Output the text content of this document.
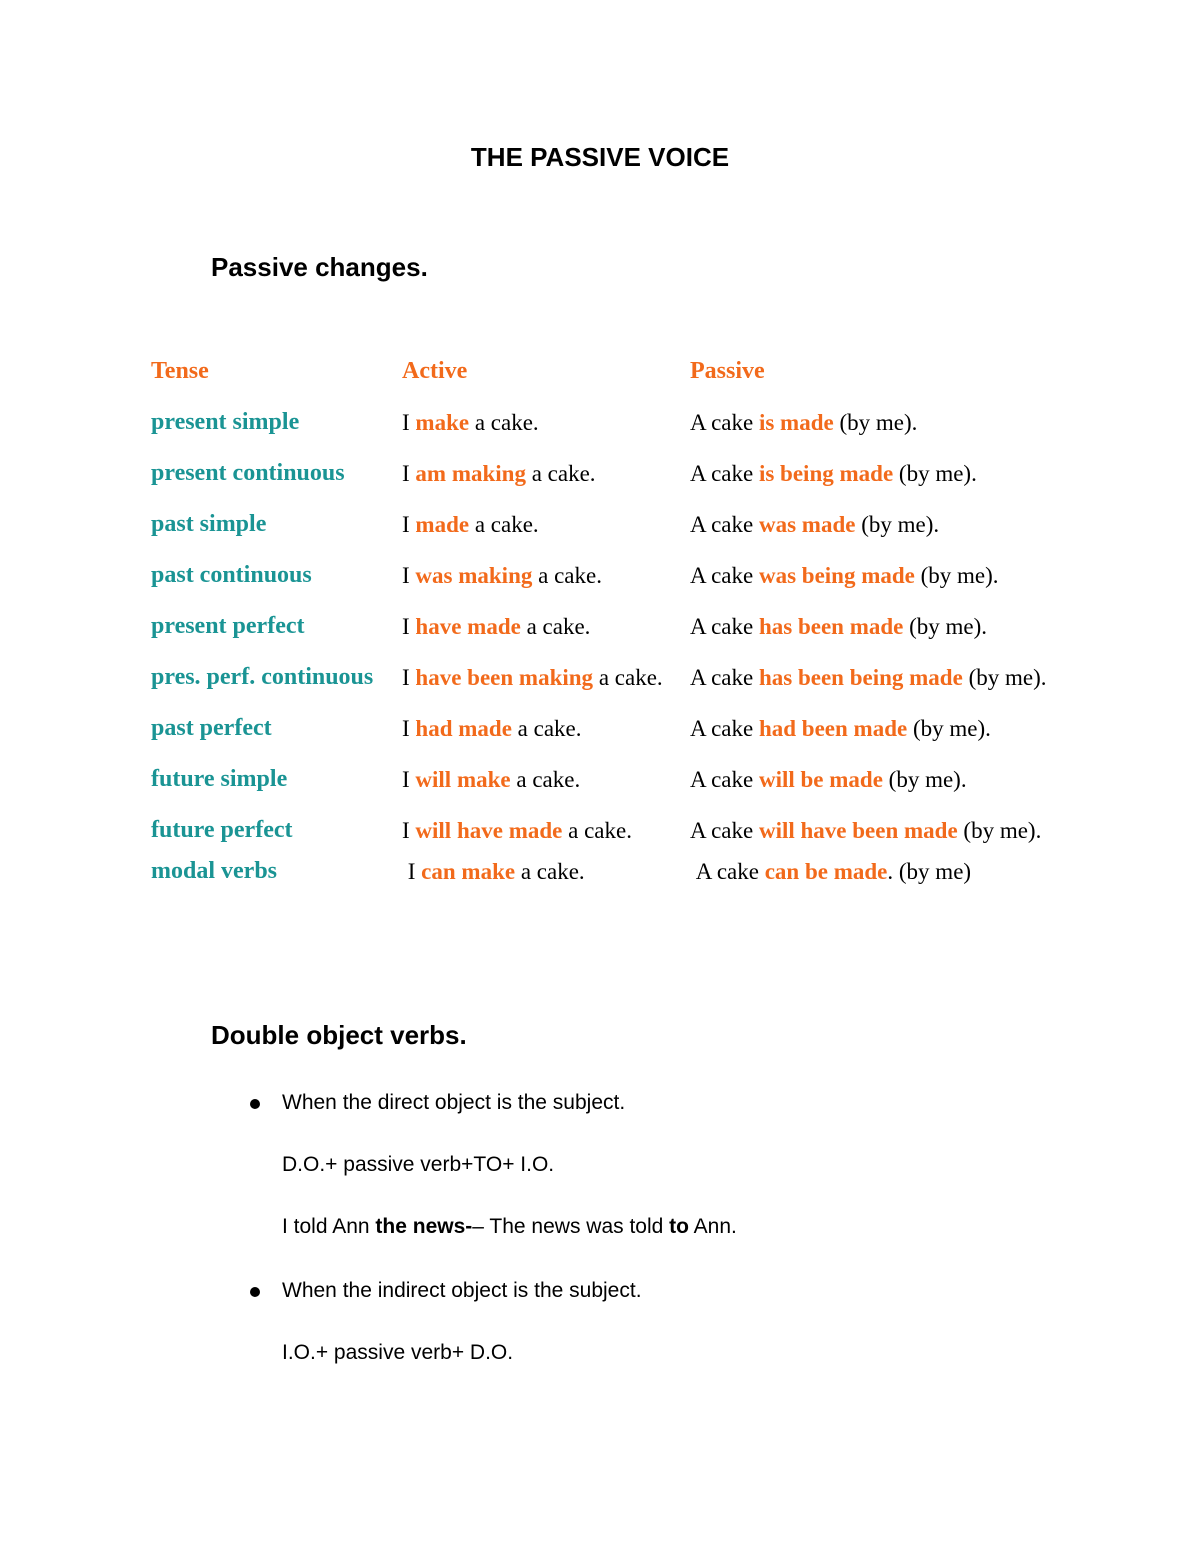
THE PASSIVE VOICE
Passive changes.
Tense	Active	Passive
present simple	I make a cake.	A cake is made (by me).
present continuous	I am making a cake.	A cake is being made (by me).
past simple	I made a cake.	A cake was made (by me).
past continuous	I was making a cake.	A cake was being made (by me).
present perfect	I have made a cake.	A cake has been made (by me).
pres. perf. continuous	I have been making a cake.	A cake has been being made (by me).
past perfect	I had made a cake.	A cake had been made (by me).
future simple	I will make a cake.	A cake will be made (by me).
future perfect	I will have made a cake.	A cake will have been made (by me).
modal verbs	I can make a cake.	A cake can be made. (by me)
Double object verbs.
When the direct object is the subject.
D.O.+ passive verb+TO+ I.O.
I told Ann the news-– The news was told to Ann.
When the indirect object is the subject.
I.O.+ passive verb+ D.O.
